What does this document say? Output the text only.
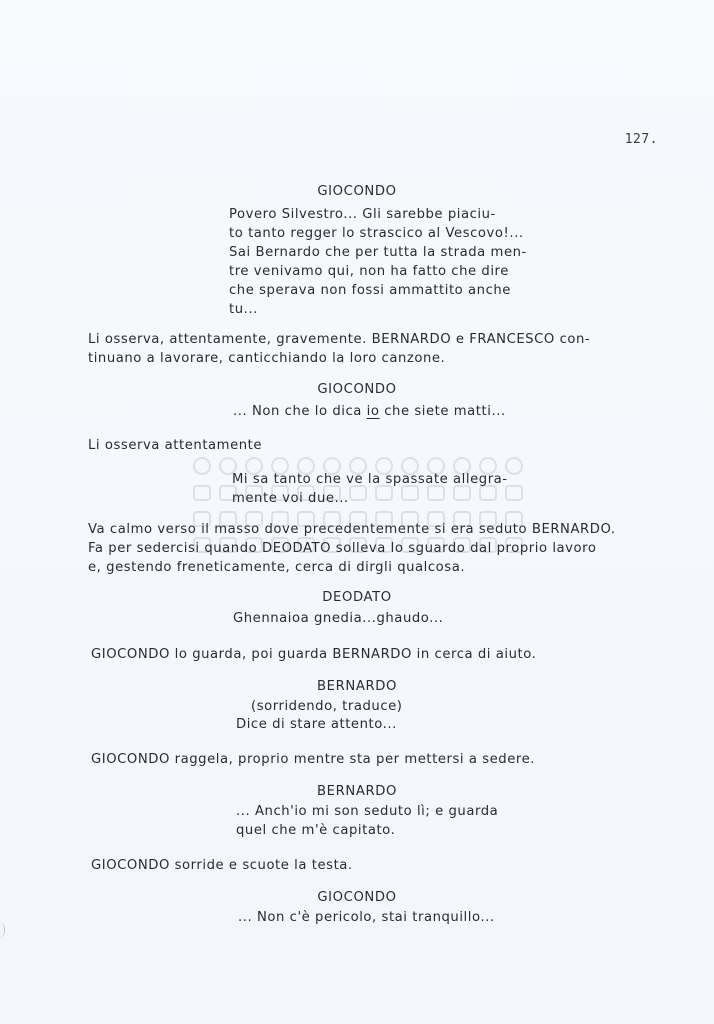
127.
GIOCONDO
Povero Silvestro... Gli sarebbe piaciu-
to tanto regger lo strascico al Vescovo!...
Sai Bernardo che per tutta la strada men-
tre venivamo qui, non ha fatto che dire
che sperava non fossi ammattito anche
tu...
Li osserva, attentamente, gravemente. BERNARDO e FRANCESCO con-
tinuano a lavorare, canticchiando la loro canzone.
GIOCONDO
... Non che lo dica io che siete matti...
Li osserva attentamente
Mi sa tanto che ve la spassate allegra-
mente voi due...
Va calmo verso il masso dove precedentemente si era seduto BERNARDO.
Fa per sedercisi quando DEODATO solleva lo sguardo dal proprio lavoro
e, gestendo freneticamente, cerca di dirgli qualcosa.
DEODATO
Ghennaioa gnedia...ghaudo...
GIOCONDO lo guarda, poi guarda BERNARDO in cerca di aiuto.
BERNARDO
(sorridendo, traduce)
Dice di stare attento...
GIOCONDO raggela, proprio mentre sta per mettersi a sedere.
BERNARDO
... Anch'io mi son seduto lì; e guarda
quel che m'è capitato.
GIOCONDO sorride e scuote la testa.
GIOCONDO
... Non c'è pericolo, stai tranquillo...
